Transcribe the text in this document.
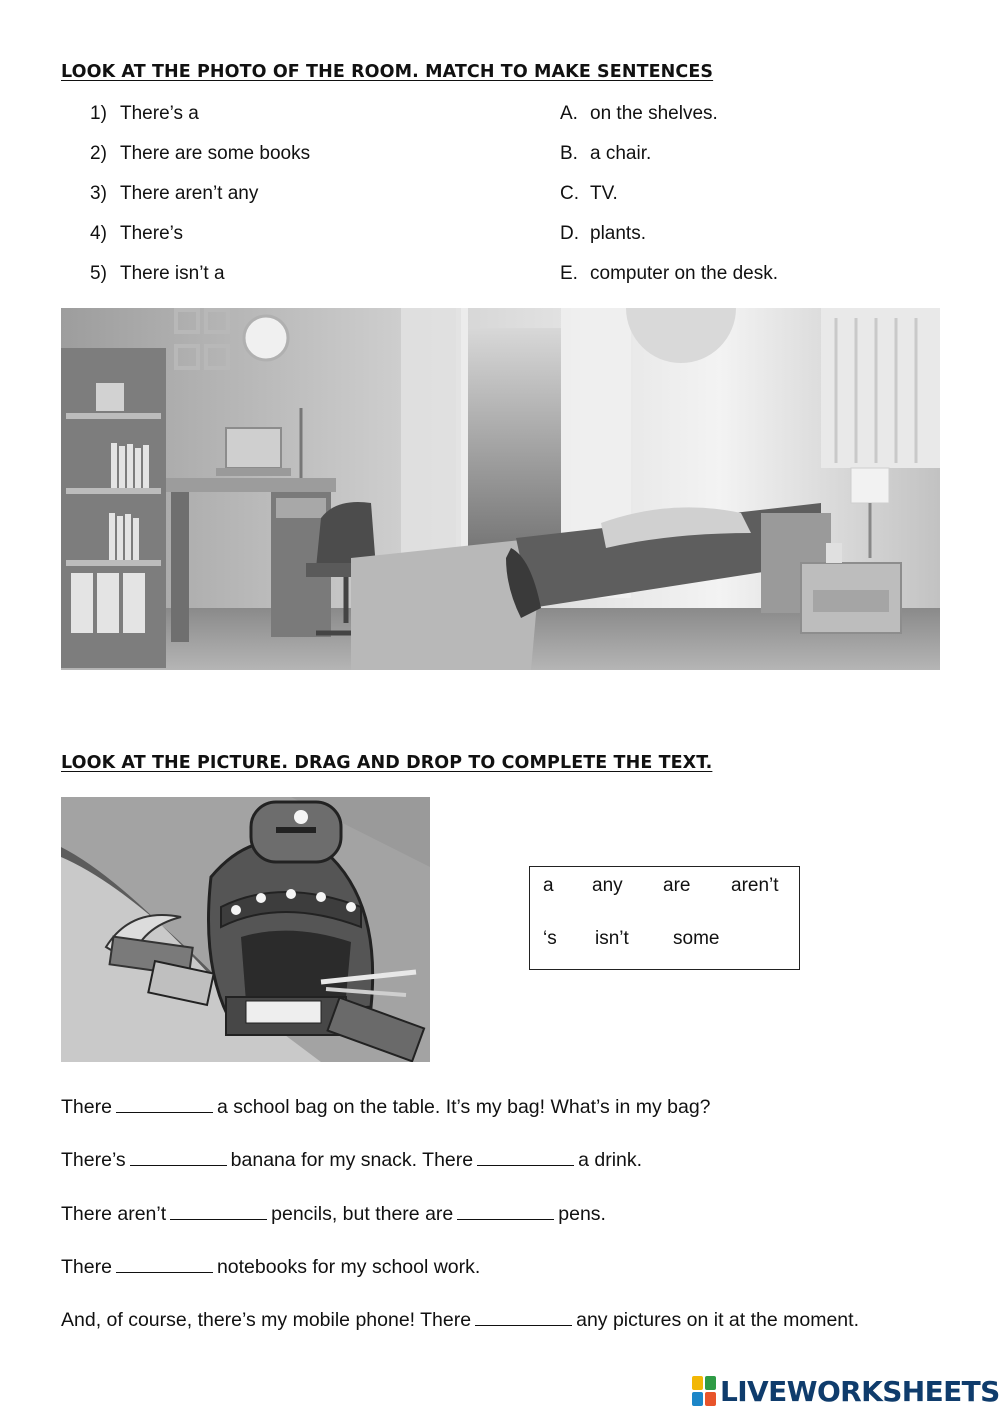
LOOK AT THE PHOTO OF THE ROOM. MATCH TO MAKE SENTENCES
1) There’s a
2) There are some books
3) There aren’t any
4) There’s
5) There isn’t a
A. on the shelves.
B. a chair.
C. TV.
D. plants.
E. computer on the desk.
LOOK AT THE PICTURE. DRAG AND DROP TO COMPLETE THE TEXT.
a any are aren’t
‘s isn’t some

There	a school bag on the table. It’s my bag! What’s in my bag?

There’s	banana for my snack. There	a drink.

There aren’t	pencils, but there are	pens.

There	notebooks for my school work.

And, of course, there’s my mobile phone! There	any pictures on it at the moment.

LIVEWORKSHEETS
